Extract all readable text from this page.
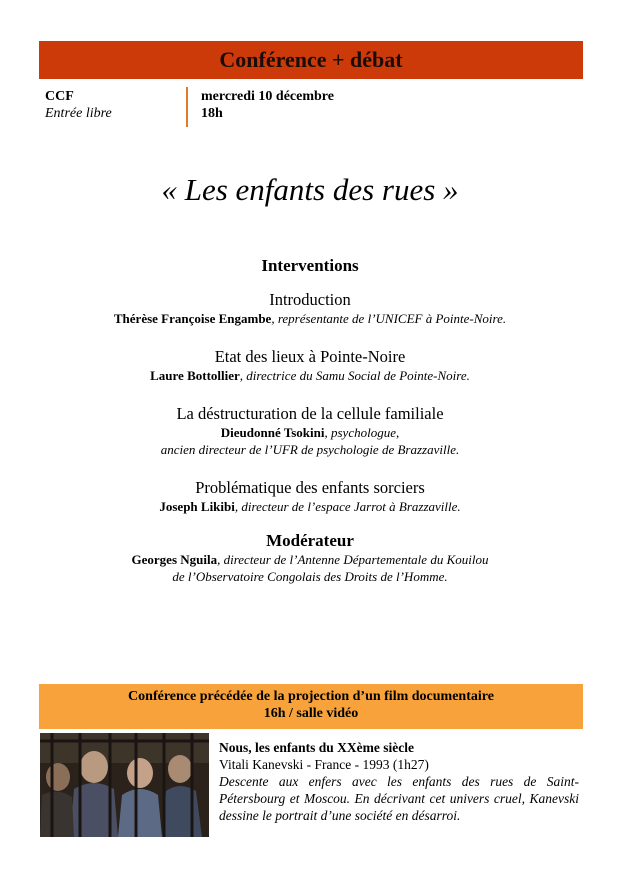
Conférence + débat
CCF
Entrée libre
mercredi 10 décembre
18h
« Les enfants des rues »
Interventions
Introduction
Thérèse Françoise Engambe, représentante de l’UNICEF à Pointe-Noire.
Etat des lieux à Pointe-Noire
Laure Bottollier, directrice du Samu Social de Pointe-Noire.
La déstructuration de la cellule familiale
Dieudonné Tsokini, psychologue,
ancien directeur de l’UFR de psychologie de Brazzaville.
Problématique des enfants sorciers
Joseph Likibi, directeur de l’espace Jarrot à Brazzaville.
Modérateur
Georges Nguila, directeur de l’Antenne Départementale du Kouilou
de l’Observatoire Congolais des Droits de l’Homme.
Conférence précédée de la projection d’un film documentaire
16h / salle vidéo
Nous, les enfants du XXème siècle
Vitali Kanevski - France - 1993 (1h27)
Descente aux enfers avec les enfants des rues de Saint-Pétersbourg et Moscou. En décrivant cet univers cruel, Kanevski dessine le portrait d’une société en désarroi.
